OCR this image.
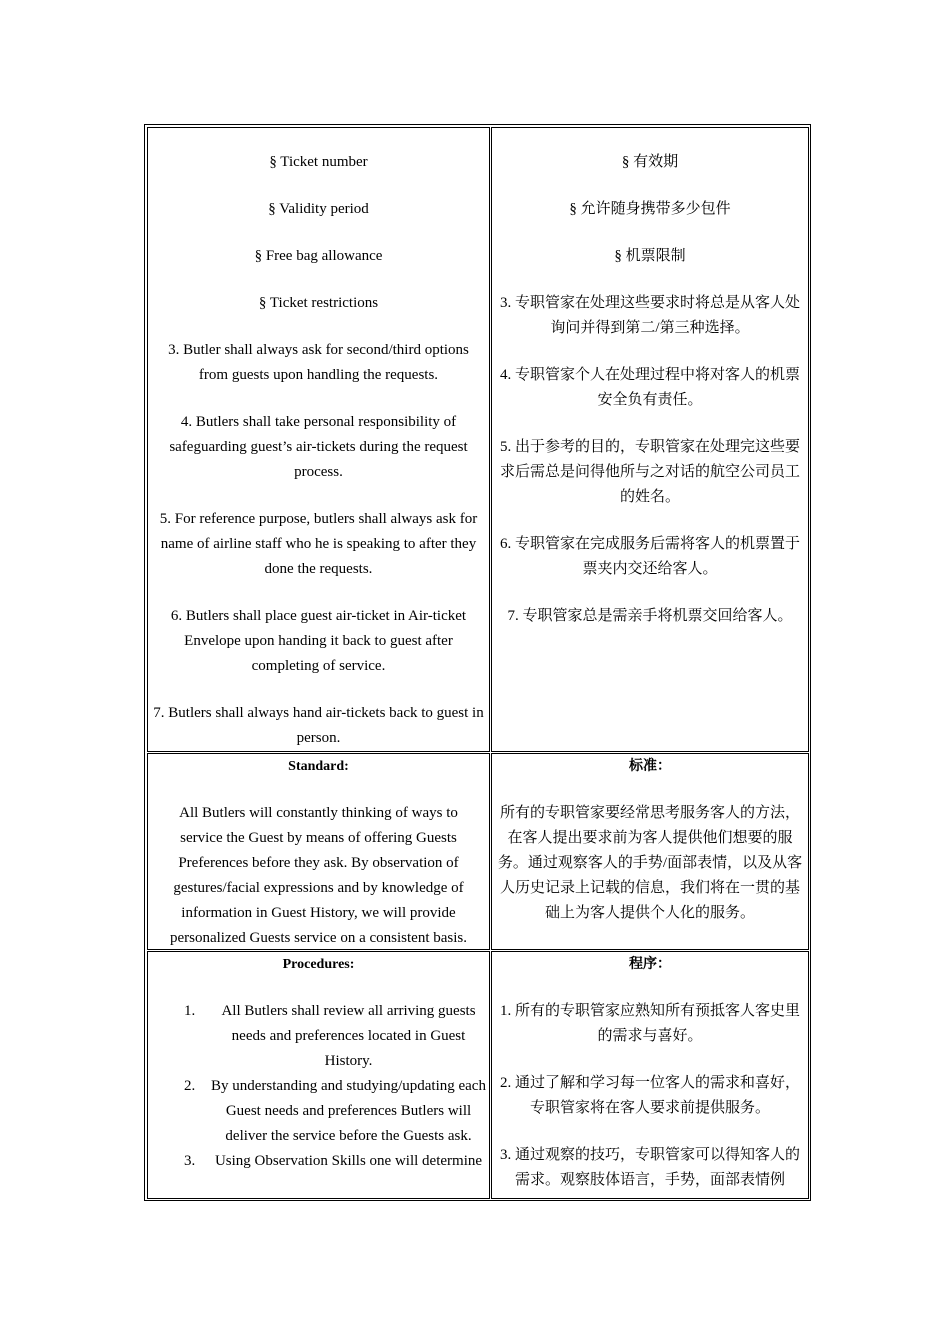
§ Ticket number

§ Validity period

§ Free bag allowance

§ Ticket restrictions

3. Butler shall always ask for second/third options from guests upon handling the requests.

4. Butlers shall take personal responsibility of safeguarding guest’s air-tickets during the request process.

5. For reference purpose, butlers shall always ask for name of airline staff who he is speaking to after they done the requests.

6. Butlers shall place guest air-ticket in Air-ticket Envelope upon handing it back to guest after completing of service.

7. Butlers shall always hand air-tickets back to guest in person.

§ 有效期

§ 允许随身携带多少包件

§ 机票限制

3. 专职管家在处理这些要求时将总是从客人处询问并得到第二/第三种选择。

4. 专职管家个人在处理过程中将对客人的机票安全负有责任。

5. 出于参考的目的，专职管家在处理完这些要求后需总是问得他所与之对话的航空公司员工的姓名。

6. 专职管家在完成服务后需将客人的机票置于票夹内交还给客人。

7. 专职管家总是需亲手将机票交回给客人。

Standard:
All Butlers will constantly thinking of ways to service the Guest by means of offering Guests Preferences before they ask. By observation of gestures/facial expressions and by knowledge of information in Guest History, we will provide personalized Guests service on a consistent basis.
标准：
所有的专职管家要经常思考服务客人的方法，在客人提出要求前为客人提供他们想要的服务。通过观察客人的手势/面部表情，以及从客人历史记录上记载的信息，我们将在一贯的基础上为客人提供个人化的服务。
Procedures:
1. All Butlers shall review all arriving guests needs and preferences located in Guest History.
2. By understanding and studying/updating each Guest needs and preferences Butlers will deliver the service before the Guests ask.
3. Using Observation Skills one will determine
程序：

1. 所有的专职管家应熟知所有预抵客人客史里的需求与喜好。

2. 通过了解和学习每一位客人的需求和喜好，专职管家将在客人要求前提供服务。

3. 通过观察的技巧，专职管家可以得知客人的需求。观察肢体语言，手势，面部表情例
